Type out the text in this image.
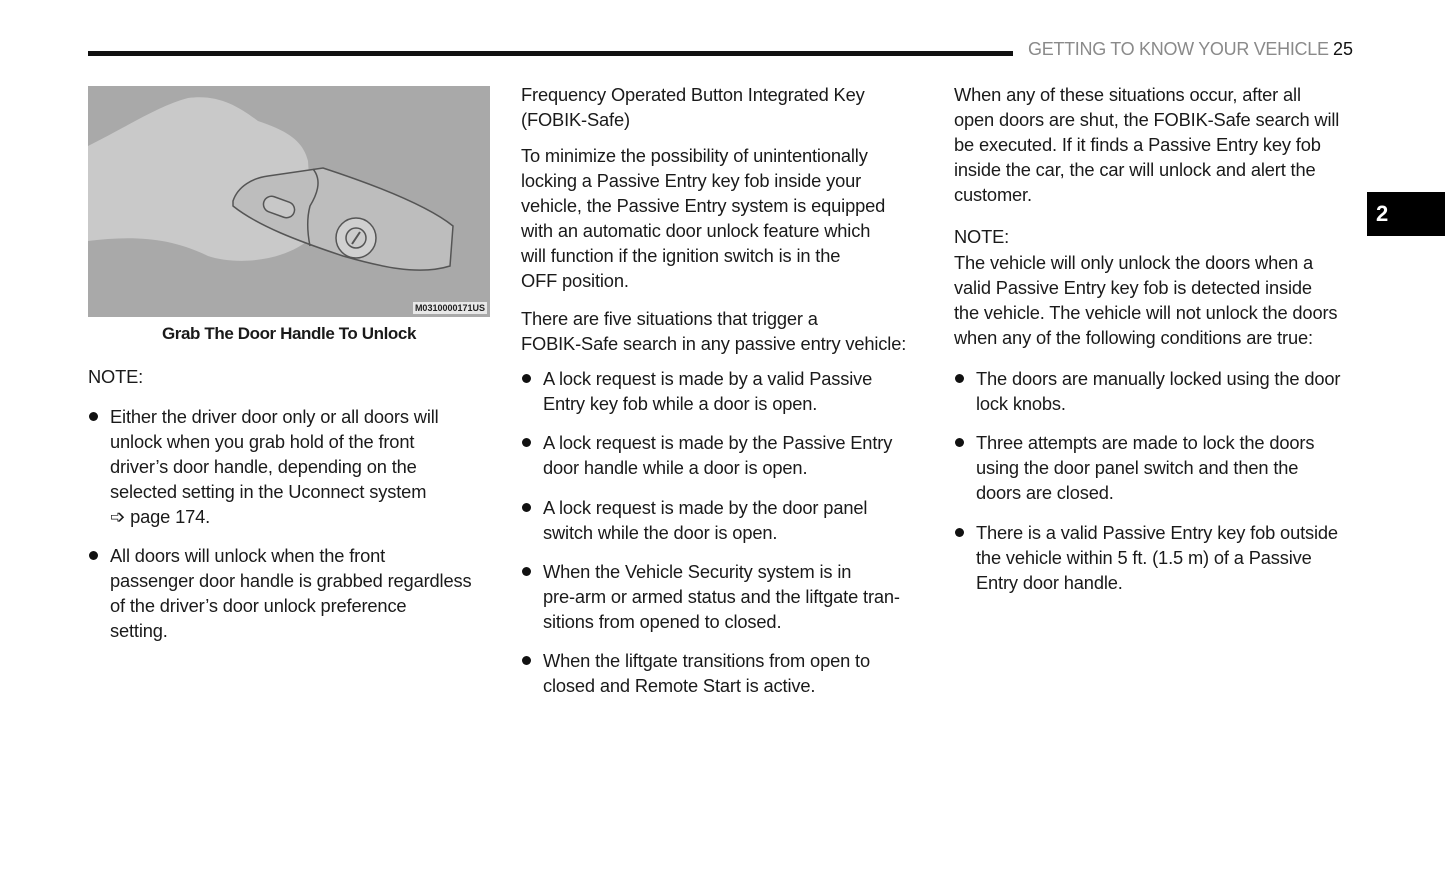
GETTING TO KNOW YOUR VEHICLE 25
2
M0310000171US
Grab The Door Handle To Unlock
NOTE:
Either the driver door only or all doors will
unlock when you grab hold of the front
driver’s door handle, depending on the
selected setting in the Uconnect system
➩ page 174.
All doors will unlock when the front
passenger door handle is grabbed regardless
of the driver’s door unlock preference
setting.
Frequency Operated Button Integrated Key
(FOBIK-Safe)
To minimize the possibility of unintentionally
locking a Passive Entry key fob inside your
vehicle, the Passive Entry system is equipped
with an automatic door unlock feature which
will function if the ignition switch is in the
OFF position.
There are five situations that trigger a
FOBIK-Safe search in any passive entry vehicle:
A lock request is made by a valid Passive
Entry key fob while a door is open.
A lock request is made by the Passive Entry
door handle while a door is open.
A lock request is made by the door panel
switch while the door is open.
When the Vehicle Security system is in
pre-arm or armed status and the liftgate tran-
sitions from opened to closed.
When the liftgate transitions from open to
closed and Remote Start is active.
When any of these situations occur, after all
open doors are shut, the FOBIK-Safe search will
be executed. If it finds a Passive Entry key fob
inside the car, the car will unlock and alert the
customer.
NOTE:
The vehicle will only unlock the doors when a
valid Passive Entry key fob is detected inside
the vehicle. The vehicle will not unlock the doors
when any of the following conditions are true:
The doors are manually locked using the door
lock knobs.
Three attempts are made to lock the doors
using the door panel switch and then the
doors are closed.
There is a valid Passive Entry key fob outside
the vehicle within 5 ft. (1.5 m) of a Passive
Entry door handle.
